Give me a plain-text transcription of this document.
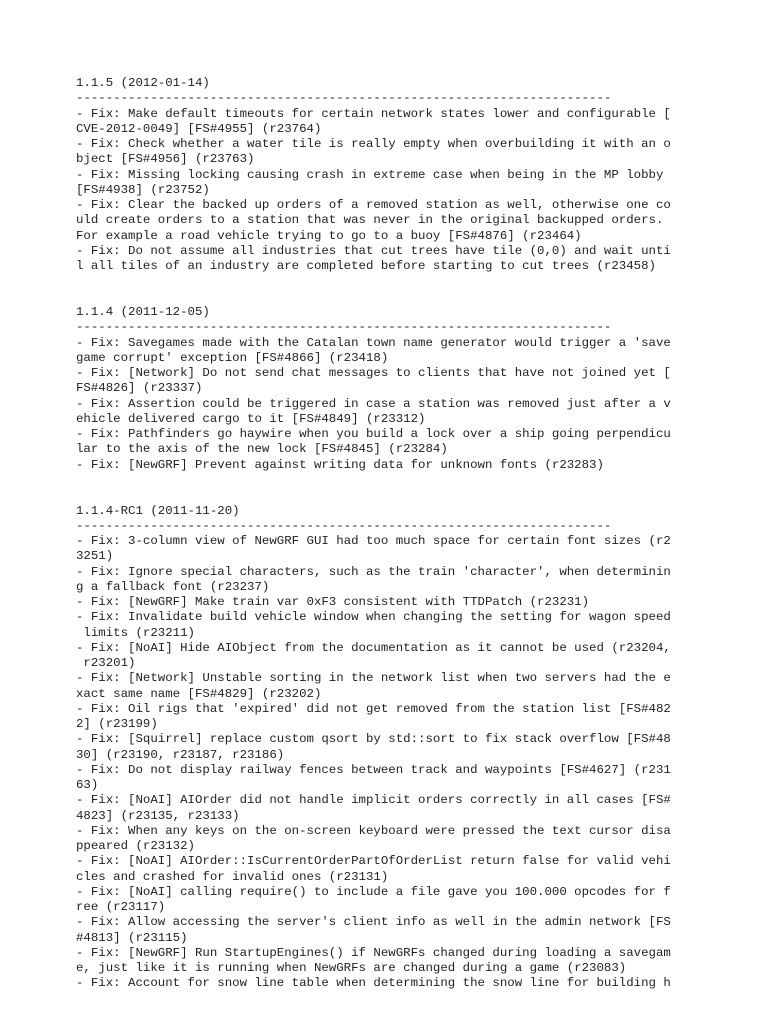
1.1.5 (2012-01-14)

------------------------------------------------------------------------

- Fix: Make default timeouts for certain network states lower and configurable [

CVE-2012-0049] [FS#4955] (r23764)

- Fix: Check whether a water tile is really empty when overbuilding it with an o

bject [FS#4956] (r23763)

- Fix: Missing locking causing crash in extreme case when being in the MP lobby

[FS#4938] (r23752)

- Fix: Clear the backed up orders of a removed station as well, otherwise one co

uld create orders to a station that was never in the original backupped orders.

For example a road vehicle trying to go to a buoy [FS#4876] (r23464)

- Fix: Do not assume all industries that cut trees have tile (0,0) and wait unti

l all tiles of an industry are completed before starting to cut trees (r23458)

1.1.4 (2011-12-05)

------------------------------------------------------------------------

- Fix: Savegames made with the Catalan town name generator would trigger a 'save

game corrupt' exception [FS#4866] (r23418)

- Fix: [Network] Do not send chat messages to clients that have not joined yet [

FS#4826] (r23337)

- Fix: Assertion could be triggered in case a station was removed just after a v

ehicle delivered cargo to it [FS#4849] (r23312)

- Fix: Pathfinders go haywire when you build a lock over a ship going perpendicu

lar to the axis of the new lock [FS#4845] (r23284)

- Fix: [NewGRF] Prevent against writing data for unknown fonts (r23283)

1.1.4-RC1 (2011-11-20)

------------------------------------------------------------------------

- Fix: 3-column view of NewGRF GUI had too much space for certain font sizes (r2

3251)

- Fix: Ignore special characters, such as the train 'character', when determinin

g a fallback font (r23237)

- Fix: [NewGRF] Make train var 0xF3 consistent with TTDPatch (r23231)

- Fix: Invalidate build vehicle window when changing the setting for wagon speed

limits (r23211)

- Fix: [NoAI] Hide AIObject from the documentation as it cannot be used (r23204,

r23201)

- Fix: [Network] Unstable sorting in the network list when two servers had the e

xact same name [FS#4829] (r23202)

- Fix: Oil rigs that 'expired' did not get removed from the station list [FS#482

2] (r23199)

- Fix: [Squirrel] replace custom qsort by std::sort to fix stack overflow [FS#48

30] (r23190, r23187, r23186)

- Fix: Do not display railway fences between track and waypoints [FS#4627] (r231

63)

- Fix: [NoAI] AIOrder did not handle implicit orders correctly in all cases [FS#

4823] (r23135, r23133)

- Fix: When any keys on the on-screen keyboard were pressed the text cursor disa

ppeared (r23132)

- Fix: [NoAI] AIOrder::IsCurrentOrderPartOfOrderList return false for valid vehi

cles and crashed for invalid ones (r23131)

- Fix: [NoAI] calling require() to include a file gave you 100.000 opcodes for f

ree (r23117)

- Fix: Allow accessing the server's client info as well in the admin network [FS

#4813] (r23115)

- Fix: [NewGRF] Run StartupEngines() if NewGRFs changed during loading a savegam

e, just like it is running when NewGRFs are changed during a game (r23083)

- Fix: Account for snow line table when determining the snow line for building h
